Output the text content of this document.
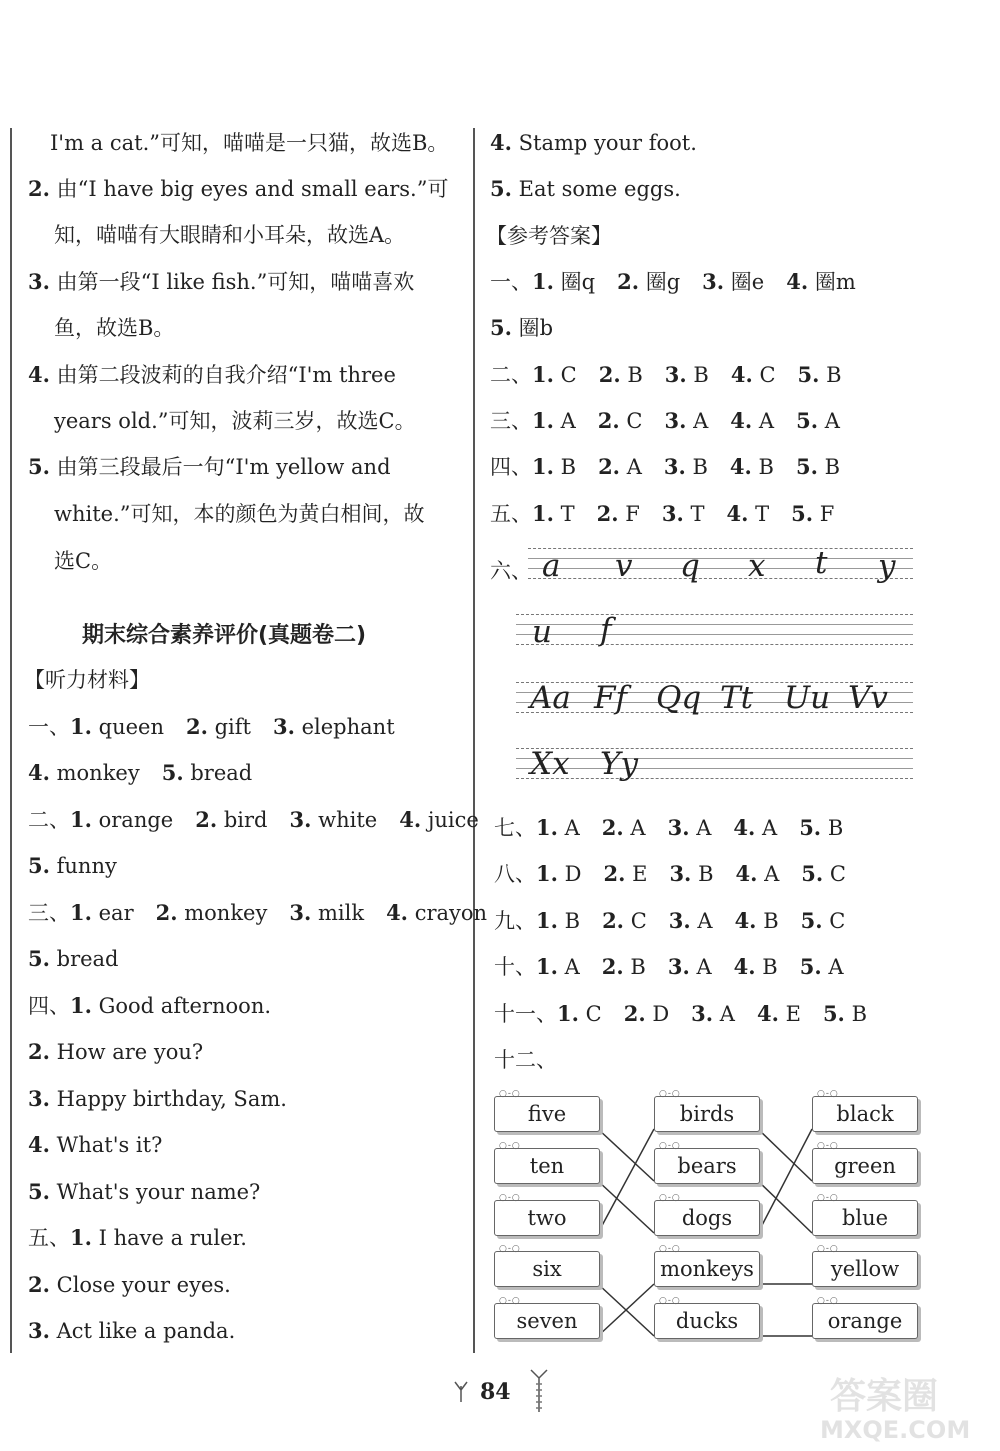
I'm a cat.”可知，喵喵是一只猫，故选B。
2. 由“I have big eyes and small ears.”可
知，喵喵有大眼睛和小耳朵，故选A。
3. 由第一段“I like fish.”可知，喵喵喜欢
鱼，故选B。
4. 由第二段波莉的自我介绍“I'm three
years old.”可知，波莉三岁，故选C。
5. 由第三段最后一句“I'm yellow and
white.”可知，本的颜色为黄白相间，故
选C。
期末综合素养评价(真题卷二)
【听力材料】
一、1. queen 2. gift 3. elephant
4. monkey 5. bread
二、1. orange 2. bird 3. white 4. juice
5. funny
三、1. ear 2. monkey 3. milk 4. crayon
5. bread
四、1. Good afternoon.
2. How are you?
3. Happy birthday, Sam.
4. What's it?
5. What's your name?
五、1. I have a ruler.
2. Close your eyes.
3. Act like a panda.
4. Stamp your foot.
5. Eat some eggs.
【参考答案】
一、1. 圈q 2. 圈g 3. 圈e 4. 圈m
5. 圈b
二、1. C 2. B 3. B 4. C 5. B
三、1. A 2. C 3. A 4. A 5. A
四、1. B 2. A 3. B 4. B 5. B
五、1. T 2. F 3. T 4. T 5. F
六、 a v q x t y
u f
Aa Ff Qq Tt Uu Vv
Xx Yy
七、1. A 2. A 3. A 4. A 5. B
八、1. D 2. E 3. B 4. A 5. C
九、1. B 2. C 3. A 4. B 5. C
十、1. A 2. B 3. A 4. B 5. A
十一、1. C 2. D 3. A 4. E 5. B
十二、
○-○
five
○-○
ten
○-○
two
○-○
six
○-○
seven
○-○
birds
○-○
bears
○-○
dogs
○-○
monkeys
○-○
ducks
○-○
black
○-○
green
○-○
blue
○-○
yellow
○-○
orange
84	答案圈
MXQE.COM
